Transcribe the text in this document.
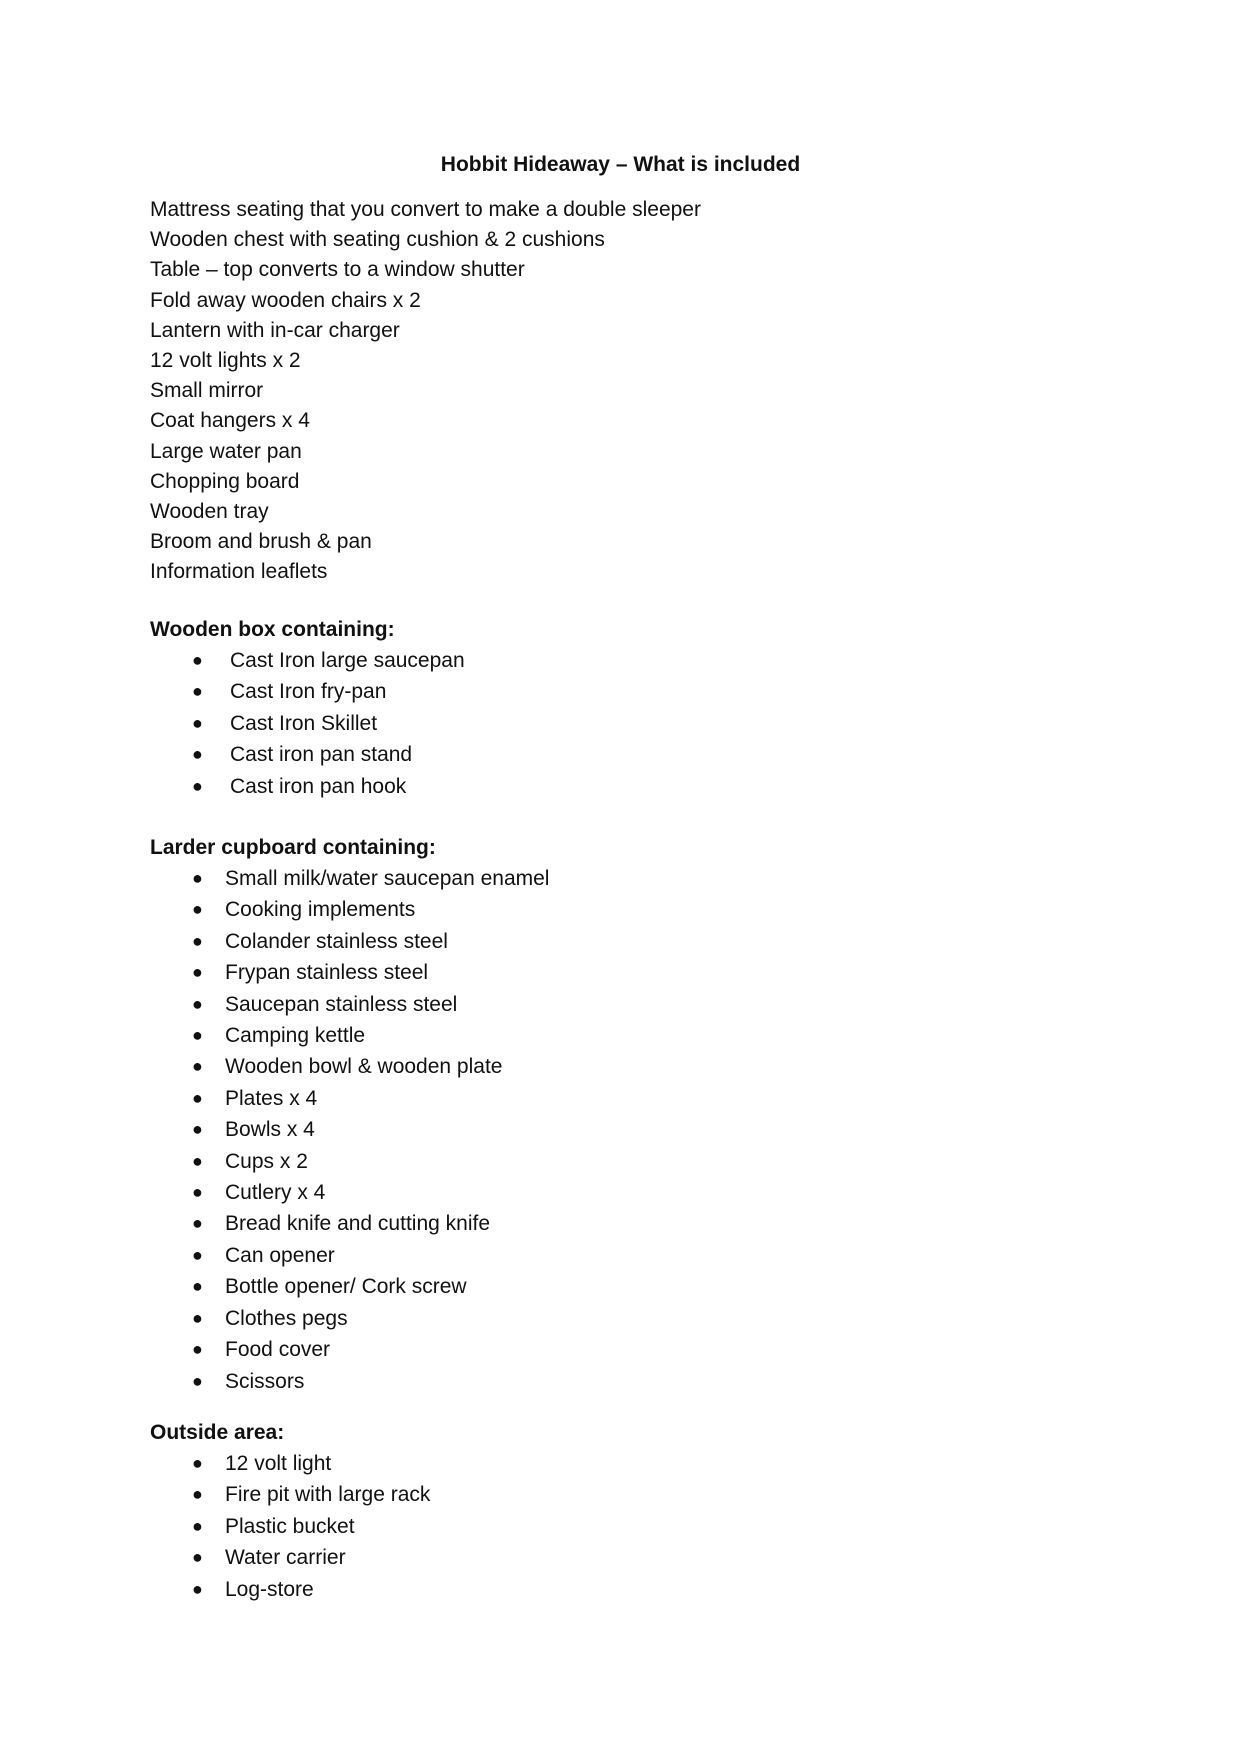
Hobbit Hideaway – What is included
Mattress seating that you convert to make a double sleeper
Wooden chest with seating cushion & 2 cushions
Table – top converts to a window shutter
Fold away wooden chairs x 2
Lantern with in-car charger
12 volt lights x 2
Small mirror
Coat hangers x 4
Large water pan
Chopping board
Wooden tray
Broom and brush & pan
Information leaflets
Wooden box containing:
● Cast Iron large saucepan
● Cast Iron fry-pan
● Cast Iron Skillet
● Cast iron pan stand
● Cast iron pan hook
Larder cupboard containing:
● Small milk/water saucepan enamel
● Cooking implements
● Colander stainless steel
● Frypan stainless steel
● Saucepan stainless steel
● Camping kettle
● Wooden bowl & wooden plate
● Plates x 4
● Bowls x 4
● Cups x 2
● Cutlery x 4
● Bread knife and cutting knife
● Can opener
● Bottle opener/ Cork screw
● Clothes pegs
● Food cover
● Scissors
Outside area:
● 12 volt light
● Fire pit with large rack
● Plastic bucket
● Water carrier
● Log-store
